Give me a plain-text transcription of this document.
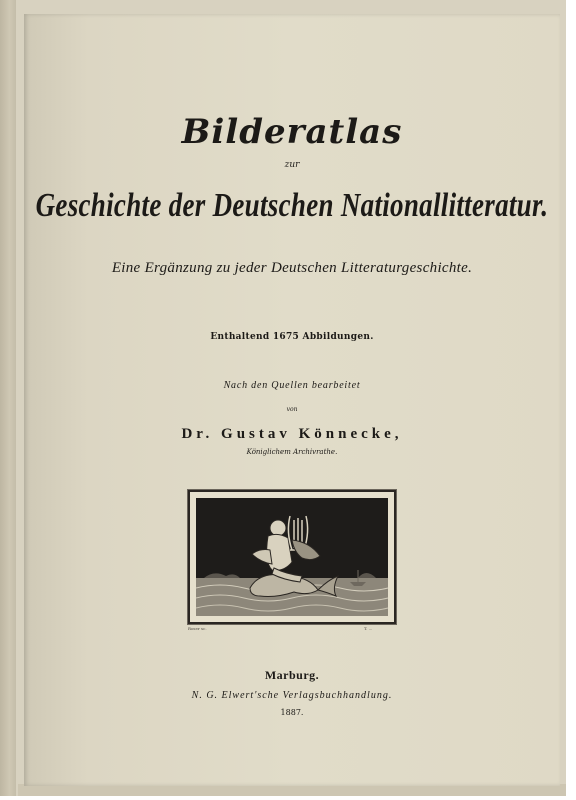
Bilderatlas
zur
Geschichte der Deutschen Nationallitteratur.
Eine Ergänzung zu jeder Deutschen Litteraturgeschichte.
Enthaltend 1675 Abbildungen.
Nach den Quellen bearbeitet
von
Dr. Gustav Könnecke,
Königlichem Archivrathe.
Roser sc.	T. ...
Marburg.
N. G. Elwert'sche Verlagsbuchhandlung.
1887.
